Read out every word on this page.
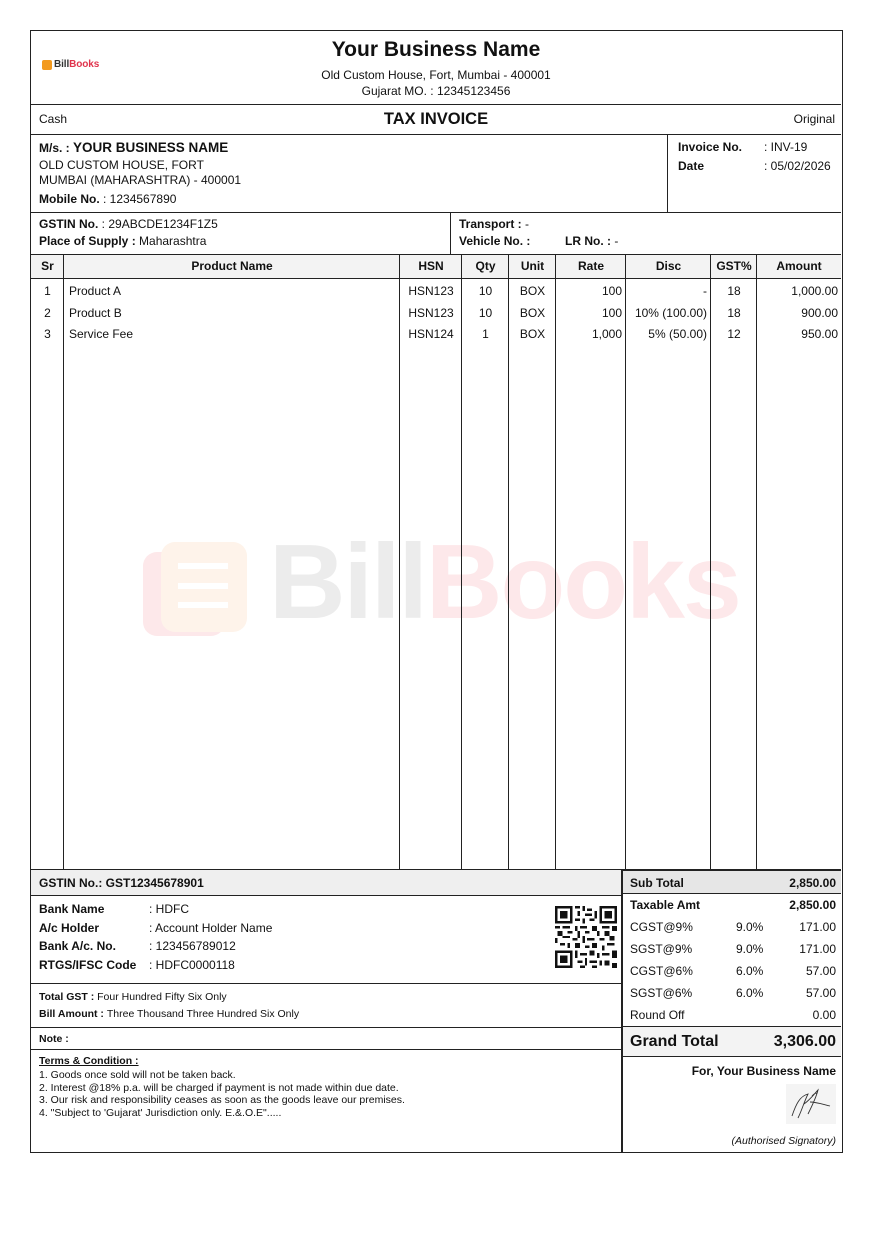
BillBooks
Your Business Name
Old Custom House, Fort, Mumbai - 400001
Gujarat MO. : 12345123456
Cash	TAX INVOICE	Original
M/s. : YOUR BUSINESS NAME
OLD CUSTOM HOUSE, FORT
MUMBAI (MAHARASHTRA) - 400001
Mobile No. : 1234567890
Invoice No. : INV-19
Date	: 05/02/2026
GSTIN No. : 29ABCDE1234F1Z5
Place of Supply : Maharashtra
Transport : -
Vehicle No. :	LR No. : -
Sr	Product Name	HSN	Qty	Unit	Rate	Disc	GST%	Amount
BillBooks
1	Product A	HSN123	10	BOX	100	-	18	1,000.00
2	Product B	HSN123	10	BOX	100	10% (100.00)	18	900.00
3	Service Fee	HSN124	1	BOX	1,000	5% (50.00)	12	950.00
GSTIN No.: GST12345678901
Bank Name	: HDFC
A/c Holder	: Account Holder Name
Bank A/c. No.	: 123456789012
RTGS/IFSC Code : HDFC0000118
Total GST : Four Hundred Fifty Six Only
Bill Amount : Three Thousand Three Hundred Six Only
Note :
Terms & Condition :
1. Goods once sold will not be taken back.
2. Interest @18% p.a. will be charged if payment is not made within due date.
3. Our risk and responsibility ceases as soon as the goods leave our premises.
4. "Subject to 'Gujarat' Jurisdiction only. E.&.O.E".....
Sub Total	2,850.00
Taxable Amt	2,850.00
CGST@9%	9.0%	171.00
SGST@9%	9.0%	171.00
CGST@6%	6.0%	57.00
SGST@6%	6.0%	57.00
Round Off	0.00
Grand Total	3,306.00
For, Your Business Name
(Authorised Signatory)
